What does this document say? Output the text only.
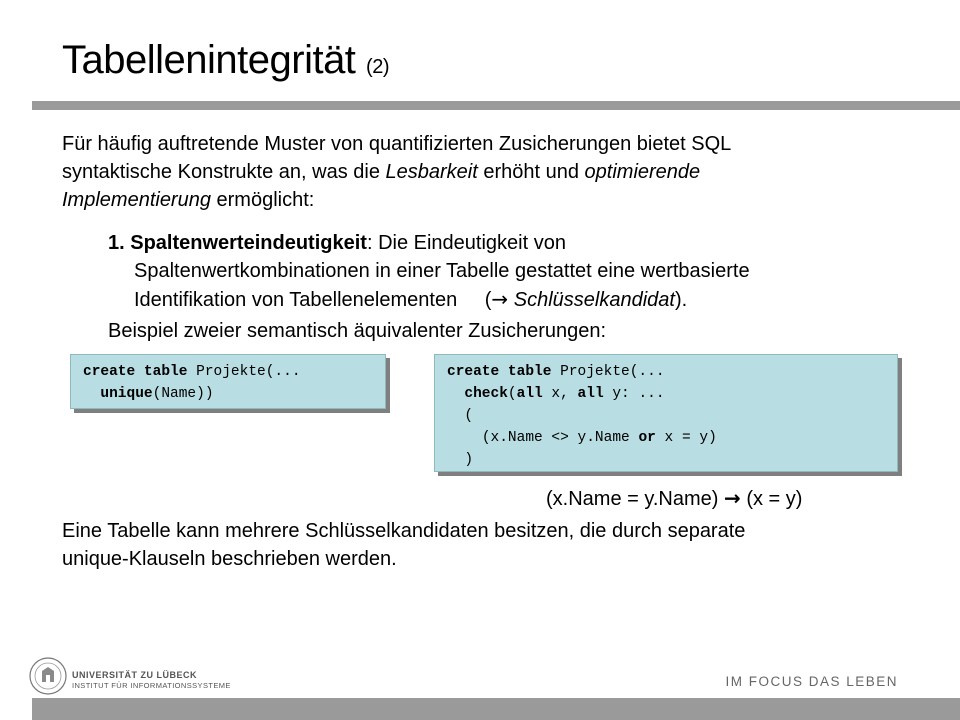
Tabellenintegrität (2)
Für häufig auftretende Muster von quantifizierten Zusicherungen bietet SQL
syntaktische Konstrukte an, was die Lesbarkeit erhöht und optimierende
Implementierung ermöglicht:
1. Spaltenwerteindeutigkeit: Die Eindeutigkeit von
Spaltenwertkombinationen in einer Tabelle gestattet eine wertbasierte
Identifikation von Tabellenelementen (→ Schlüsselkandidat).
Beispiel zweier semantisch äquivalenter Zusicherungen:
create table Projekte(...
unique(Name))
create table Projekte(...
check(all x, all y: ...
(
(x.Name <> y.Name or x = y)
)
(x.Name = y.Name) → (x = y)
Eine Tabelle kann mehrere Schlüsselkandidaten besitzen, die durch separate
unique-Klauseln beschrieben werden.
UNIVERSITÄT ZU LÜBECK
INSTITUT FÜR INFORMATIONSSYSTEME	IM FOCUS DAS LEBEN
